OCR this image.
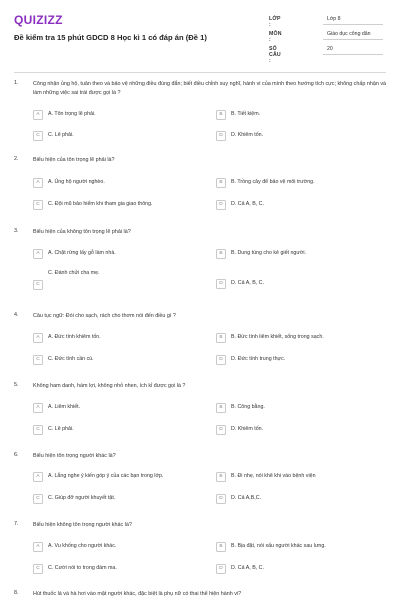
QUIZIZZ
Đề kiểm tra 15 phút GDCD 8 Học kì 1 có đáp án (Đề 1)
LỚP :
Lớp 8
MÔN :
Giáo dục công dân
SỐ CÂU :
20
1.	Công nhận ủng hộ, tuân theo và bảo vệ những điều đúng đắn; biết điều chỉnh suy nghĩ, hành vi của mình theo hướng tích cực; không chấp nhận và làm những việc sai trái được gọi là ?
A	A. Tôn trọng lẽ phải.	B	B. Tiết kiệm.
C	C. Lẽ phải.	D	D. Khiêm tốn.
2.	Biểu hiện của tôn trọng lẽ phải là?
A	A. Ủng hộ người nghèo.	B	B. Trồng cây để bảo vệ môi trường.
C	C. Đội mũ bảo hiểm khi tham gia giao thông.	D	D. Cả A, B, C.
3.	Biểu hiện của không tôn trọng lẽ phải là?
A	A. Chặt rừng lấy gỗ làm nhà.	B	B. Dung túng cho kẻ giết người.
C
C. Đánh chửi cha mẹ.
D	D. Cả A, B, C.
4.	Câu tục ngữ: Đói cho sạch, rách cho thơm nói đến điều gì ?
A	A. Đức tính khiêm tốn.	B	B. Đức tính liêm khiết, sống trong sạch.
C	C. Đức tính cần cù.	D	D. Đức tính trung thực.
5.	Không ham danh, hám lợi, không nhỏ nhen, ích kỉ được gọi là ?
A	A. Liêm khiết.	B	B. Công bằng.
C	C. Lẽ phải.	D	D. Khiêm tốn.
6.	Biểu hiện tôn trọng người khác là?
A	A. Lắng nghe ý kiến góp ý của các bạn trong lớp.	B	B. Đi nhẹ, nói khẽ khi vào bệnh viện
C	C. Giúp đỡ người khuyết tật.	D	D. Cả A,B,C.
7.	Biểu hiện không tôn trọng người khác là?
A	A. Vu khống cho người khác.	B	B. Bịa đặt, nói xấu người khác sau lưng.
C	C. Cười nói to trong đám ma.	D	D. Cả A, B, C.
8.	Hút thuốc lá và hà hơi vào mặt người khác, đặc biệt là phụ nữ có thai thể hiện hành vi?
